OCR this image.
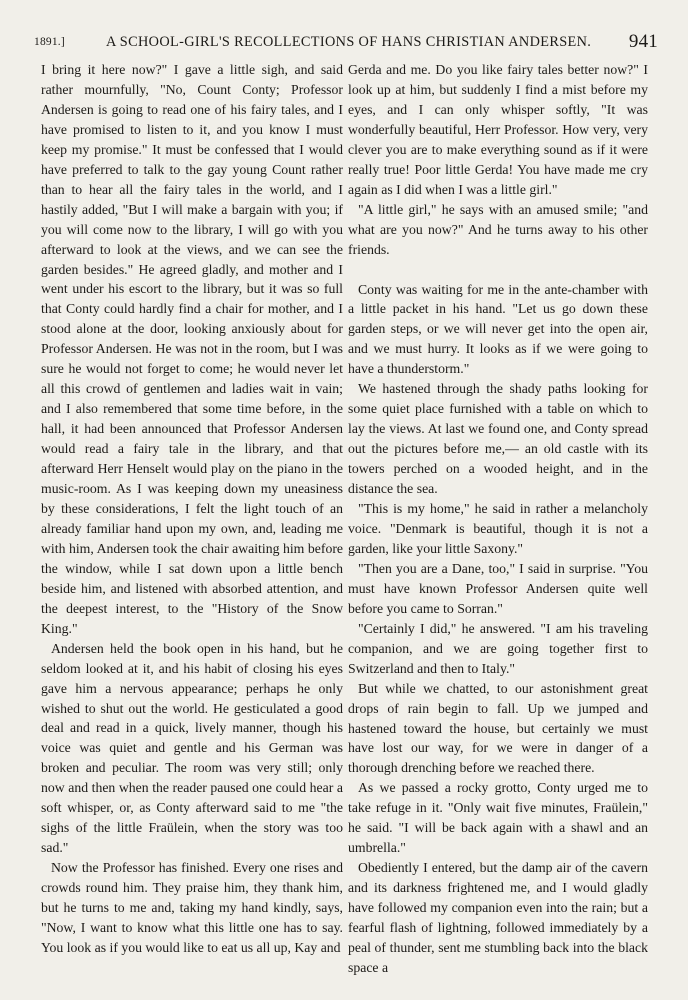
1891.]	A SCHOOL-GIRL'S RECOLLECTIONS OF HANS CHRISTIAN ANDERSEN. 941

I bring it here now?" I gave a little sigh, and said rather mournfully, "No, Count Conty; Professor Andersen is going to read one of his fairy tales, and I have promised to listen to it, and you know I must keep my promise." It must be confessed that I would have preferred to talk to the gay young Count rather than to hear all the fairy tales in the world, and I hastily added, "But I will make a bargain with you; if you will come now to the library, I will go with you afterward to look at the views, and we can see the garden besides." He agreed gladly, and mother and I went under his escort to the library, but it was so full that Conty could hardly find a chair for mother, and I stood alone at the door, looking anxiously about for Professor Andersen. He was not in the room, but I was sure he would not forget to come; he would never let all this crowd of gentlemen and ladies wait in vain; and I also remembered that some time before, in the hall, it had been announced that Professor Andersen would read a fairy tale in the library, and that afterward Herr Henselt would play on the piano in the music-room. As I was keeping down my uneasiness by these considerations, I felt the light touch of an already familiar hand upon my own, and, leading me with him, Andersen took the chair awaiting him before the window, while I sat down upon a little bench beside him, and listened with absorbed attention, and the deepest interest, to the "History of the Snow King."

Andersen held the book open in his hand, but he seldom looked at it, and his habit of closing his eyes gave him a nervous appearance; perhaps he only wished to shut out the world. He gesticulated a good deal and read in a quick, lively manner, though his voice was quiet and gentle and his German was broken and peculiar. The room was very still; only now and then when the reader paused one could hear a soft whisper, or, as Conty afterward said to me "the sighs of the little Fraülein, when the story was too sad."

Now the Professor has finished. Every one rises and crowds round him. They praise him, they thank him, but he turns to me and, taking my hand kindly, says, "Now, I want to know what this little one has to say. You look as if you would like to eat us all up, Kay and

Gerda and me. Do you like fairy tales better now?" I look up at him, but suddenly I find a mist before my eyes, and I can only whisper softly, "It was wonderfully beautiful, Herr Professor. How very, very clever you are to make everything sound as if it were really true! Poor little Gerda! You have made me cry again as I did when I was a little girl."

"A little girl," he says with an amused smile; "and what are you now?" And he turns away to his other friends.

Conty was waiting for me in the ante-chamber with a little packet in his hand. "Let us go down these garden steps, or we will never get into the open air, and we must hurry. It looks as if we were going to have a thunderstorm."

We hastened through the shady paths looking for some quiet place furnished with a table on which to lay the views. At last we found one, and Conty spread out the pictures before me,— an old castle with its towers perched on a wooded height, and in the distance the sea.

"This is my home," he said in rather a melancholy voice. "Denmark is beautiful, though it is not a garden, like your little Saxony."

"Then you are a Dane, too," I said in surprise. "You must have known Professor Andersen quite well before you came to Sorran."

"Certainly I did," he answered. "I am his traveling companion, and we are going together first to Switzerland and then to Italy."

But while we chatted, to our astonishment great drops of rain begin to fall. Up we jumped and hastened toward the house, but certainly we must have lost our way, for we were in danger of a thorough drenching before we reached there.

As we passed a rocky grotto, Conty urged me to take refuge in it. "Only wait five minutes, Fraülein," he said. "I will be back again with a shawl and an umbrella."

Obediently I entered, but the damp air of the cavern and its darkness frightened me, and I would gladly have followed my companion even into the rain; but a fearful flash of lightning, followed immediately by a peal of thunder, sent me stumbling back into the black space a
